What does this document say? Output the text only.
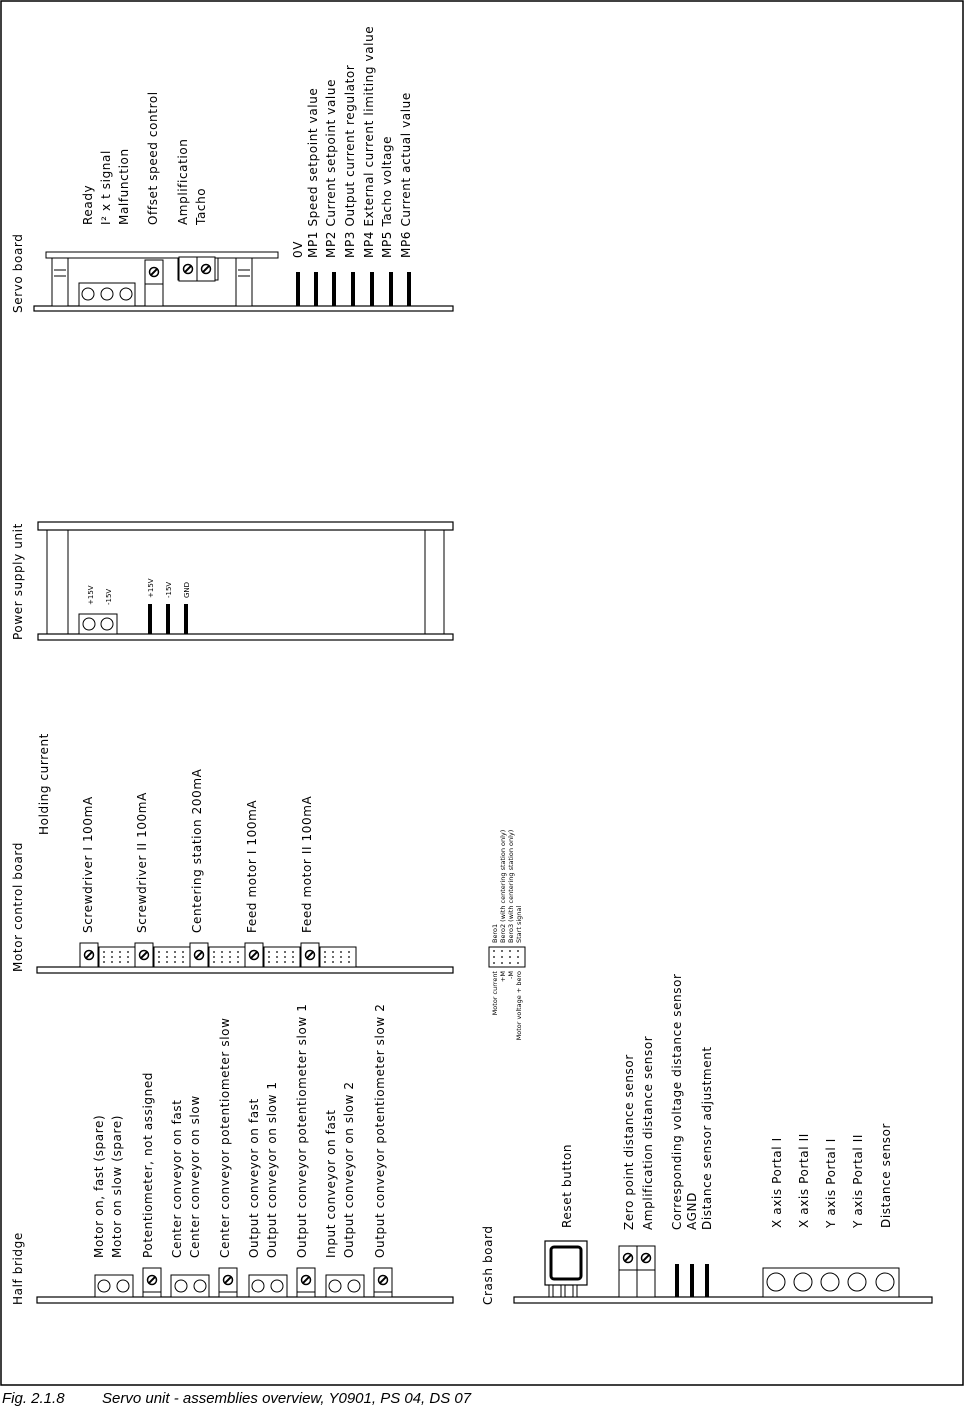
Servo board
Ready I² x t signal Malfunction Offset speed control Amplification Tacho
0V MP1 Speed setpoint value MP2 Current setpoint value MP3 Output current regulator MP4 External current limiting value MP5 Tacho voltage MP6 Current actual value
Power supply unit	+15V -15V	+15V -15V GND
Motor control board
Holding current
Screwdriver I 100mA	Screwdriver II 100mA	Centering station 200mA	Feed motor I 100mA	Feed motor II 100mA
Motor current +M -M Motor voltage + bero
Bero1 Bero2 (with centering station only) Bero3 (with centering station only) Start signal
Half bridge
Motor on, fast (spare) Motor on slow (spare) Potentiometer, not assigned Center conveyor on fast Center conveyor on slow Center conveyor potentiometer slow Output conveyor on fast Output conveyor on slow 1 Output conveyor potentiometer slow 1 Input conveyor on fast Output conveyor on slow 2 Output conveyor potentiometer slow 2
Crash board
Reset button	Zero point distance sensor Amplification distance sensor Corresponding voltage distance sensor AGND Distance sensor adjustment	X axis Portal I X axis Portal II Y axis Portal I Y axis Portal II Distance sensor
Fig. 2.1.8 Servo unit - assemblies overview, Y0901, PS 04, DS 07
